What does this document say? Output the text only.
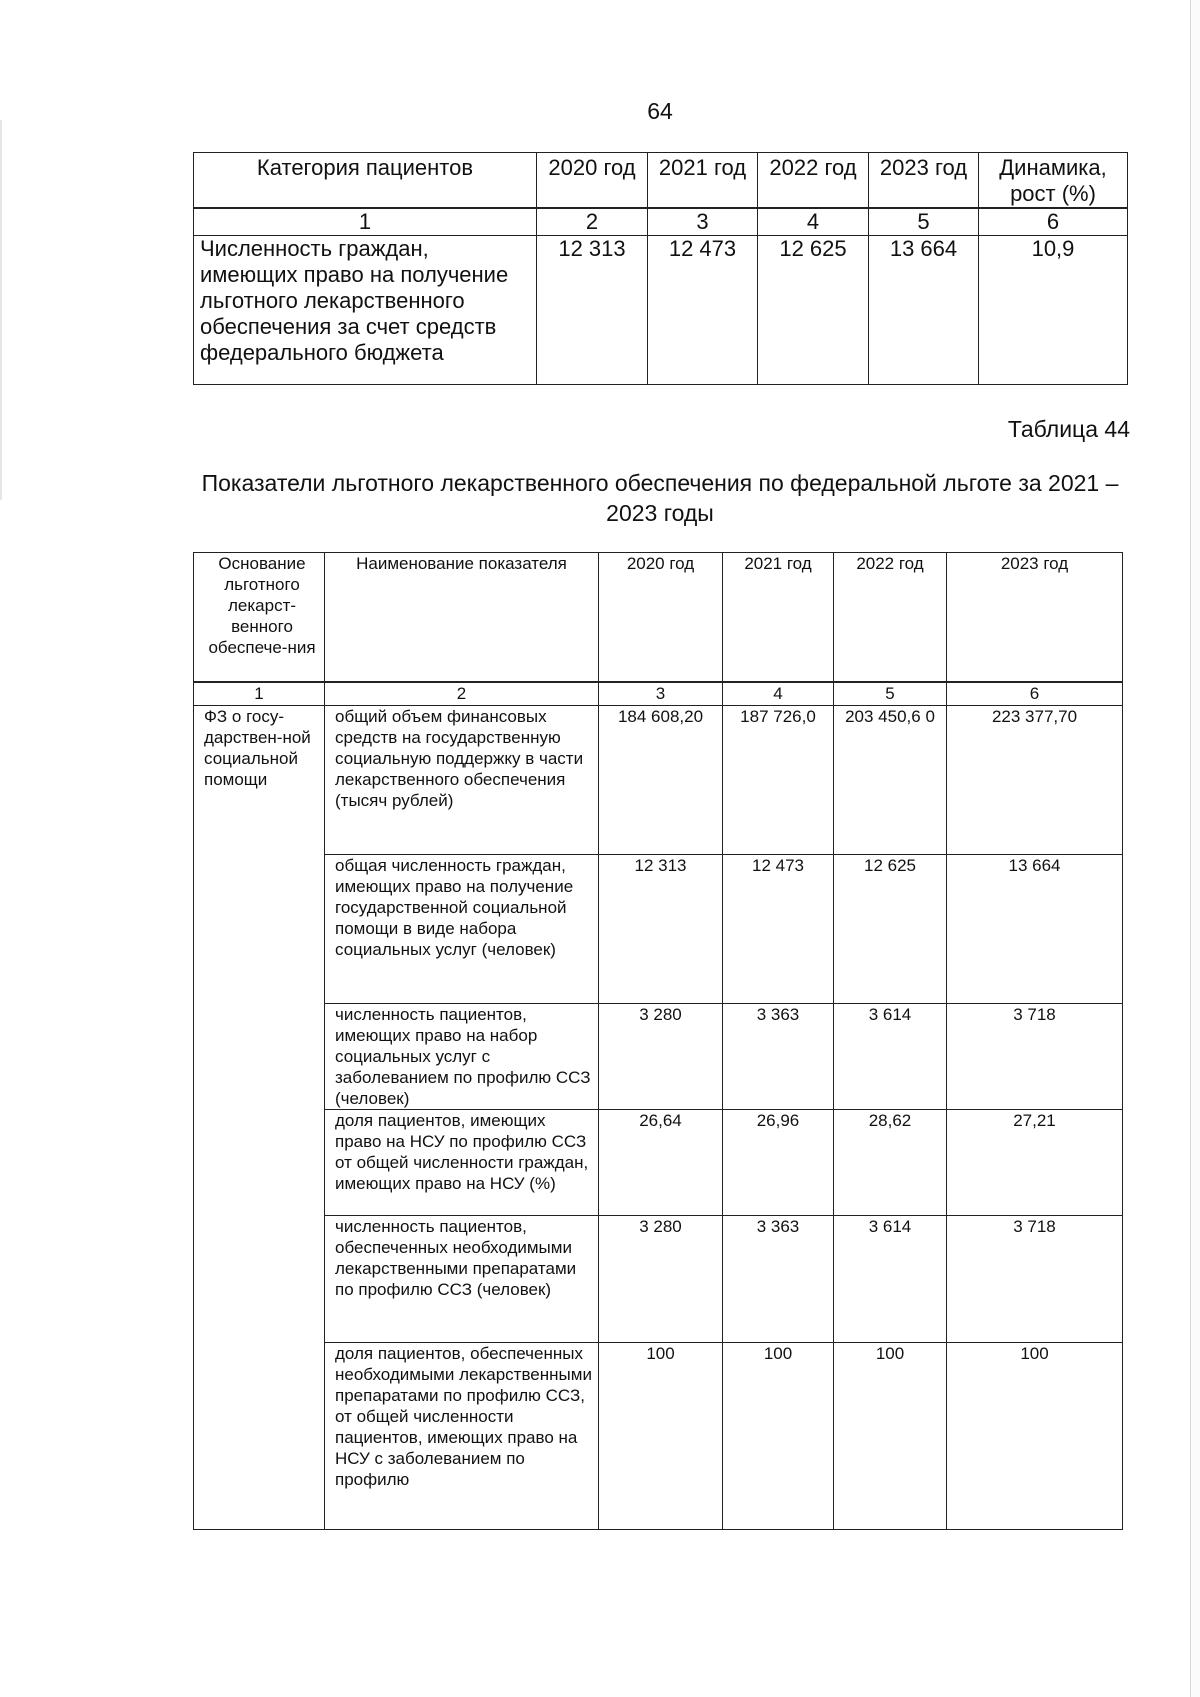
64
Категория пациентов	2020 год	2021 год	2022 год	2023 год	Динамика, рост (%)
1	2	3	4	5	6
Численность граждан, имеющих право на получение льготного лекарственного обеспечения за счет средств федерального бюджета	12 313	12 473	12 625	13 664	10,9
Таблица 44
Показатели льготного лекарственного обеспечения по федеральной льготе за 2021 – 2023 годы
Основание льготного лекарст-венного обеспече-ния	Наименование показателя	2020 год	2021 год	2022 год	2023 год
1	2	3	4	5	6
ФЗ о госу-дарствен-ной социальной помощи	общий объем финансовых средств на государственную социальную поддержку в части лекарственного обеспечения (тысяч рублей)	184 608,20	187 726,0	203 450,6 0	223 377,70
	общая численность граждан, имеющих право на получение государственной социальной помощи в виде набора социальных услуг (человек)	12 313	12 473	12 625	13 664
	численность пациентов, имеющих право на набор социальных услуг с заболеванием по профилю ССЗ (человек)	3 280	3 363	3 614	3 718
	доля пациентов, имеющих право на НСУ по профилю ССЗ от общей численности граждан, имеющих право на НСУ (%)	26,64	26,96	28,62	27,21
	численность пациентов, обеспеченных необходимыми лекарственными препаратами по профилю ССЗ (человек)	3 280	3 363	3 614	3 718
	доля пациентов, обеспеченных необходимыми лекарственными препаратами по профилю ССЗ, от общей численности пациентов, имеющих право на НСУ с заболеванием по профилю	100	100	100	100
